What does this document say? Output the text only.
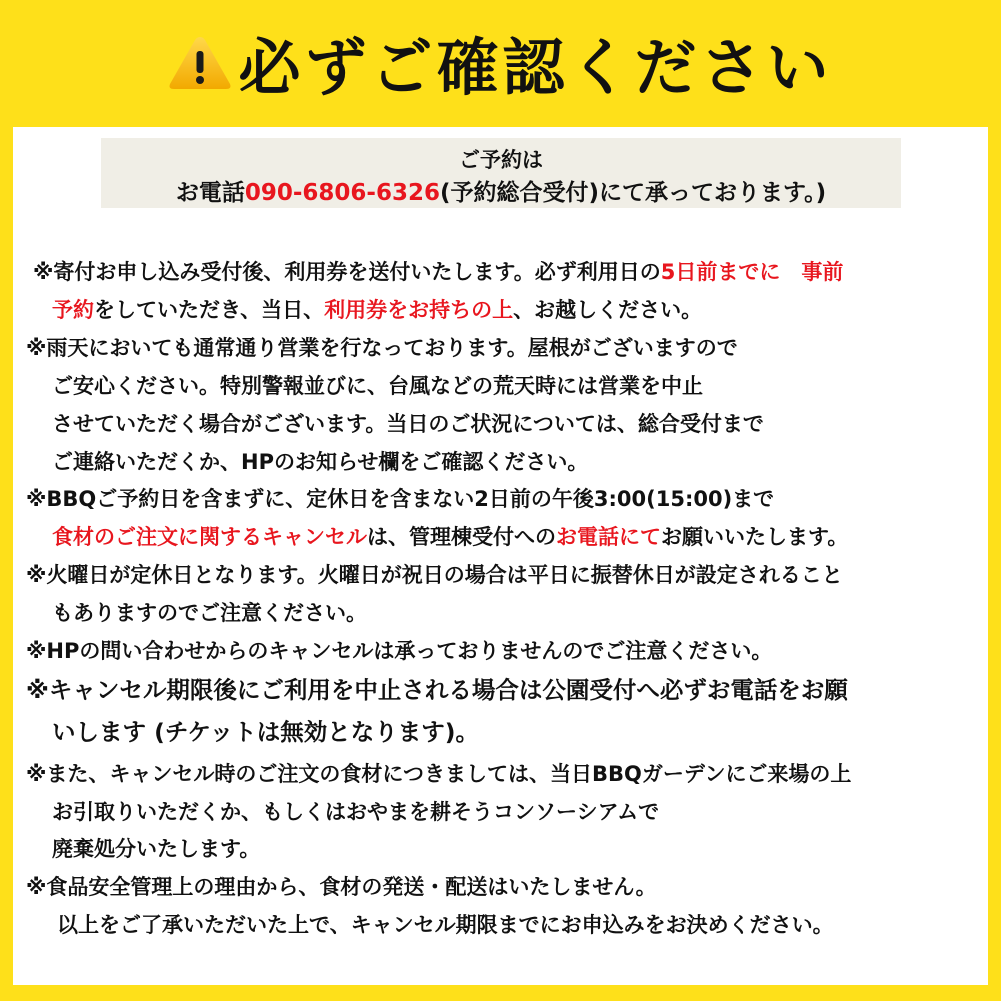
必ずご確認ください
ご予約は
お電話090-6806-6326(予約総合受付)にて承っております。)
※寄付お申し込み受付後、利用券を送付いたします。必ず利用日の5日前までに　事前
予約をしていただき、当日、利用券をお持ちの上、お越しください。
※雨天においても通常通り営業を行なっております。屋根がございますので
ご安心ください。特別警報並びに、台風などの荒天時には営業を中止
させていただく場合がございます。当日のご状況については、総合受付まで
ご連絡いただくか、HPのお知らせ欄をご確認ください。
※BBQご予約日を含まずに、定休日を含まない2日前の午後3:00(15:00)まで
食材のご注文に関するキャンセルは、管理棟受付へのお電話にてお願いいたします。
※火曜日が定休日となります。火曜日が祝日の場合は平日に振替休日が設定されること
もありますのでご注意ください。
※HPの問い合わせからのキャンセルは承っておりませんのでご注意ください。
※キャンセル期限後にご利用を中止される場合は公園受付へ必ずお電話をお願
いします (チケットは無効となります)。
※また、キャンセル時のご注文の食材につきましては、当日BBQガーデンにご来場の上
お引取りいただくか、もしくはおやまを耕そうコンソーシアムで
廃棄処分いたします。
※食品安全管理上の理由から、食材の発送・配送はいたしません。
以上をご了承いただいた上で、キャンセル期限までにお申込みをお決めください。
